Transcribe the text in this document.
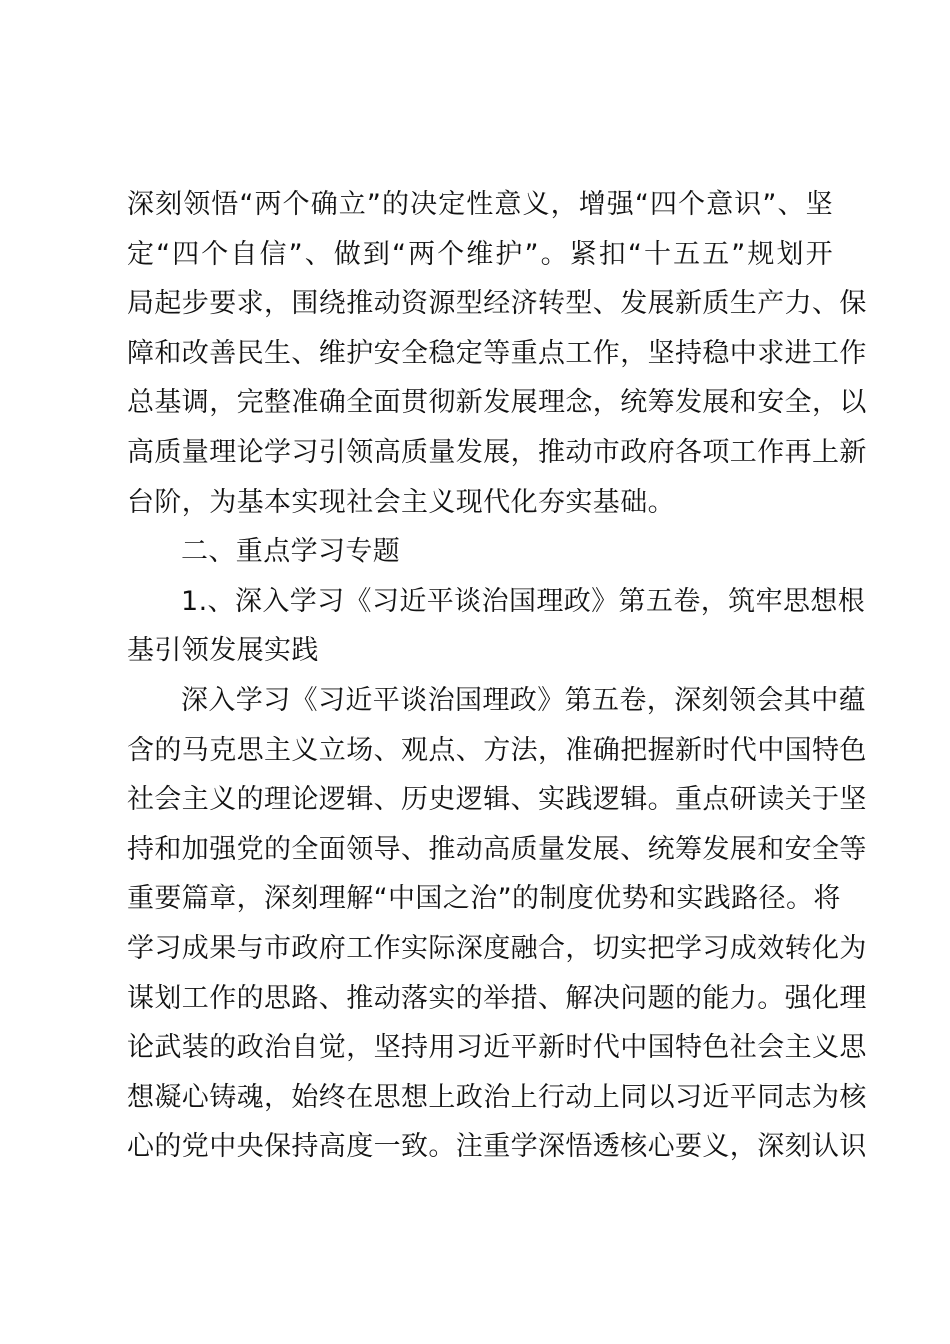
深刻领悟“两个确立”的决定性意义，增强“四个意识”、坚
定“四个自信”、做到“两个维护”。紧扣“十五五”规划开
局起步要求，围绕推动资源型经济转型、发展新质生产力、保
障和改善民生、维护安全稳定等重点工作，坚持稳中求进工作
总基调，完整准确全面贯彻新发展理念，统筹发展和安全，以
高质量理论学习引领高质量发展，推动市政府各项工作再上新
台阶，为基本实现社会主义现代化夯实基础。
二、重点学习专题
1.、深入学习《习近平谈治国理政》第五卷，筑牢思想根
基引领发展实践
深入学习《习近平谈治国理政》第五卷，深刻领会其中蕴
含的马克思主义立场、观点、方法，准确把握新时代中国特色
社会主义的理论逻辑、历史逻辑、实践逻辑。重点研读关于坚
持和加强党的全面领导、推动高质量发展、统筹发展和安全等
重要篇章，深刻理解“中国之治”的制度优势和实践路径。将
学习成果与市政府工作实际深度融合，切实把学习成效转化为
谋划工作的思路、推动落实的举措、解决问题的能力。强化理
论武装的政治自觉，坚持用习近平新时代中国特色社会主义思
想凝心铸魂，始终在思想上政治上行动上同以习近平同志为核
心的党中央保持高度一致。注重学深悟透核心要义，深刻认识
